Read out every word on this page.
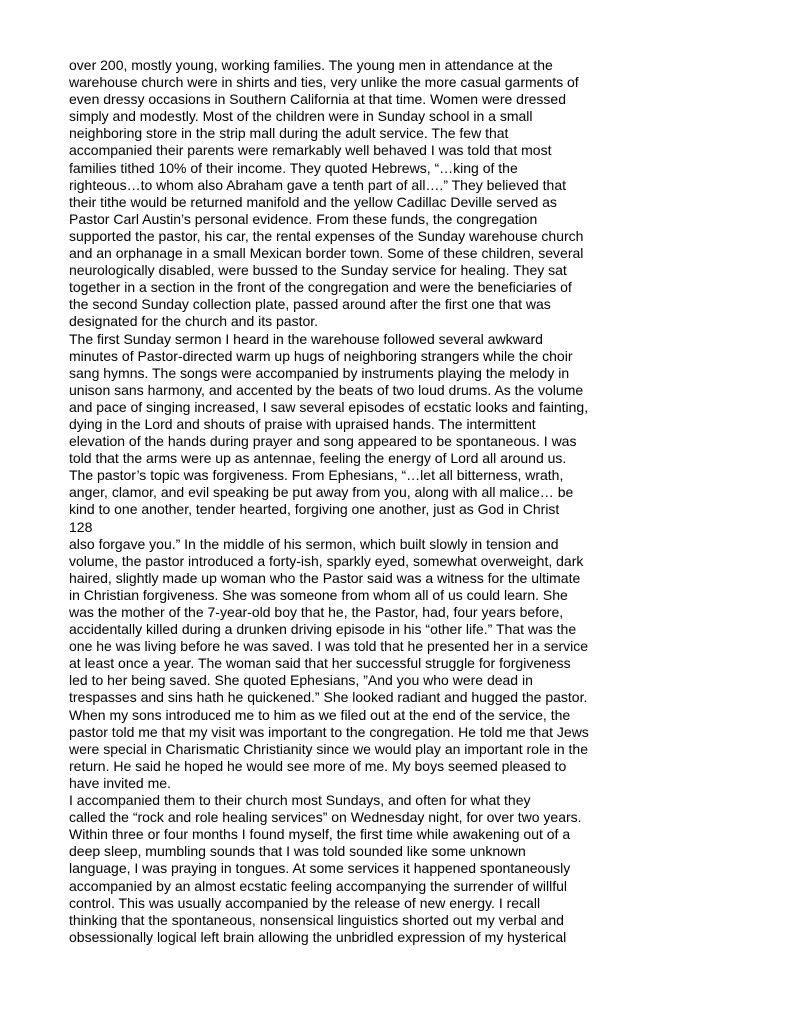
over 200, mostly young, working families. The young men in attendance at the
warehouse church were in shirts and ties, very unlike the more casual garments of
even dressy occasions in Southern California at that time. Women were dressed
simply and modestly. Most of the children were in Sunday school in a small
neighboring store in the strip mall during the adult service. The few that
accompanied their parents were remarkably well behaved I was told that most
families tithed 10% of their income. They quoted Hebrews, “…king of the
righteous…to whom also Abraham gave a tenth part of all….” They believed that
their tithe would be returned manifold and the yellow Cadillac Deville served as
Pastor Carl Austin’s personal evidence. From these funds, the congregation
supported the pastor, his car, the rental expenses of the Sunday warehouse church
and an orphanage in a small Mexican border town. Some of these children, several
neurologically disabled, were bussed to the Sunday service for healing. They sat
together in a section in the front of the congregation and were the beneficiaries of
the second Sunday collection plate, passed around after the first one that was
designated for the church and its pastor.
The first Sunday sermon I heard in the warehouse followed several awkward
minutes of Pastor-directed warm up hugs of neighboring strangers while the choir
sang hymns. The songs were accompanied by instruments playing the melody in
unison sans harmony, and accented by the beats of two loud drums. As the volume
and pace of singing increased, I saw several episodes of ecstatic looks and fainting,
dying in the Lord and shouts of praise with upraised hands. The intermittent
elevation of the hands during prayer and song appeared to be spontaneous. I was
told that the arms were up as antennae, feeling the energy of Lord all around us.
The pastor’s topic was forgiveness. From Ephesians, “…let all bitterness, wrath,
anger, clamor, and evil speaking be put away from you, along with all malice… be
kind to one another, tender hearted, forgiving one another, just as God in Christ
128
also forgave you.” In the middle of his sermon, which built slowly in tension and
volume, the pastor introduced a forty-ish, sparkly eyed, somewhat overweight, dark
haired, slightly made up woman who the Pastor said was a witness for the ultimate
in Christian forgiveness. She was someone from whom all of us could learn. She
was the mother of the 7-year-old boy that he, the Pastor, had, four years before,
accidentally killed during a drunken driving episode in his “other life.” That was the
one he was living before he was saved. I was told that he presented her in a service
at least once a year. The woman said that her successful struggle for forgiveness
led to her being saved. She quoted Ephesians, ”And you who were dead in
trespasses and sins hath he quickened.” She looked radiant and hugged the pastor.
When my sons introduced me to him as we filed out at the end of the service, the
pastor told me that my visit was important to the congregation. He told me that Jews
were special in Charismatic Christianity since we would play an important role in the
return. He said he hoped he would see more of me. My boys seemed pleased to
have invited me.
I accompanied them to their church most Sundays, and often for what they
called the “rock and role healing services” on Wednesday night, for over two years.
Within three or four months I found myself, the first time while awakening out of a
deep sleep, mumbling sounds that I was told sounded like some unknown
language, I was praying in tongues. At some services it happened spontaneously
accompanied by an almost ecstatic feeling accompanying the surrender of willful
control. This was usually accompanied by the release of new energy. I recall
thinking that the spontaneous, nonsensical linguistics shorted out my verbal and
obsessionally logical left brain allowing the unbridled expression of my hysterical
